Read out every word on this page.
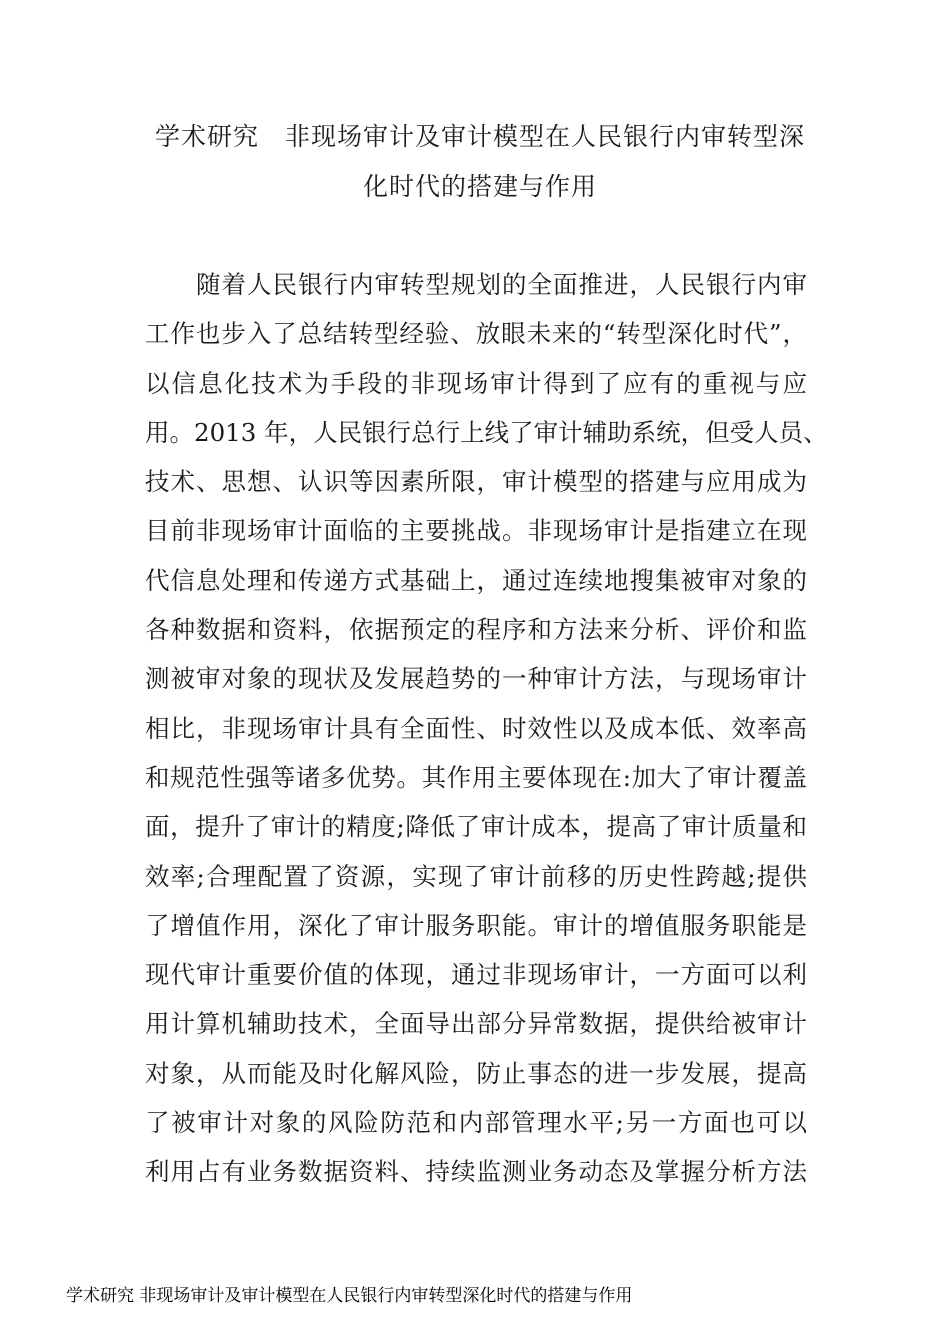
学术研究　非现场审计及审计模型在人民银行内审转型深
化时代的搭建与作用
　　随着人民银行内审转型规划的全面推进，人民银行内审
工作也步入了总结转型经验、放眼未来的“转型深化时代”，
以信息化技术为手段的非现场审计得到了应有的重视与应
用。2013 年，人民银行总行上线了审计辅助系统，但受人员、
技术、思想、认识等因素所限，审计模型的搭建与应用成为
目前非现场审计面临的主要挑战。非现场审计是指建立在现
代信息处理和传递方式基础上，通过连续地搜集被审对象的
各种数据和资料，依据预定的程序和方法来分析、评价和监
测被审对象的现状及发展趋势的一种审计方法，与现场审计
相比，非现场审计具有全面性、时效性以及成本低、效率高
和规范性强等诸多优势。其作用主要体现在:加大了审计覆盖
面，提升了审计的精度;降低了审计成本，提高了审计质量和
效率;合理配置了资源，实现了审计前移的历史性跨越;提供
了增值作用，深化了审计服务职能。审计的增值服务职能是
现代审计重要价值的体现，通过非现场审计，一方面可以利
用计算机辅助技术，全面导出部分异常数据，提供给被审计
对象，从而能及时化解风险，防止事态的进一步发展，提高
了被审计对象的风险防范和内部管理水平;另一方面也可以
利用占有业务数据资料、持续监测业务动态及掌握分析方法
学术研究 非现场审计及审计模型在人民银行内审转型深化时代的搭建与作用
